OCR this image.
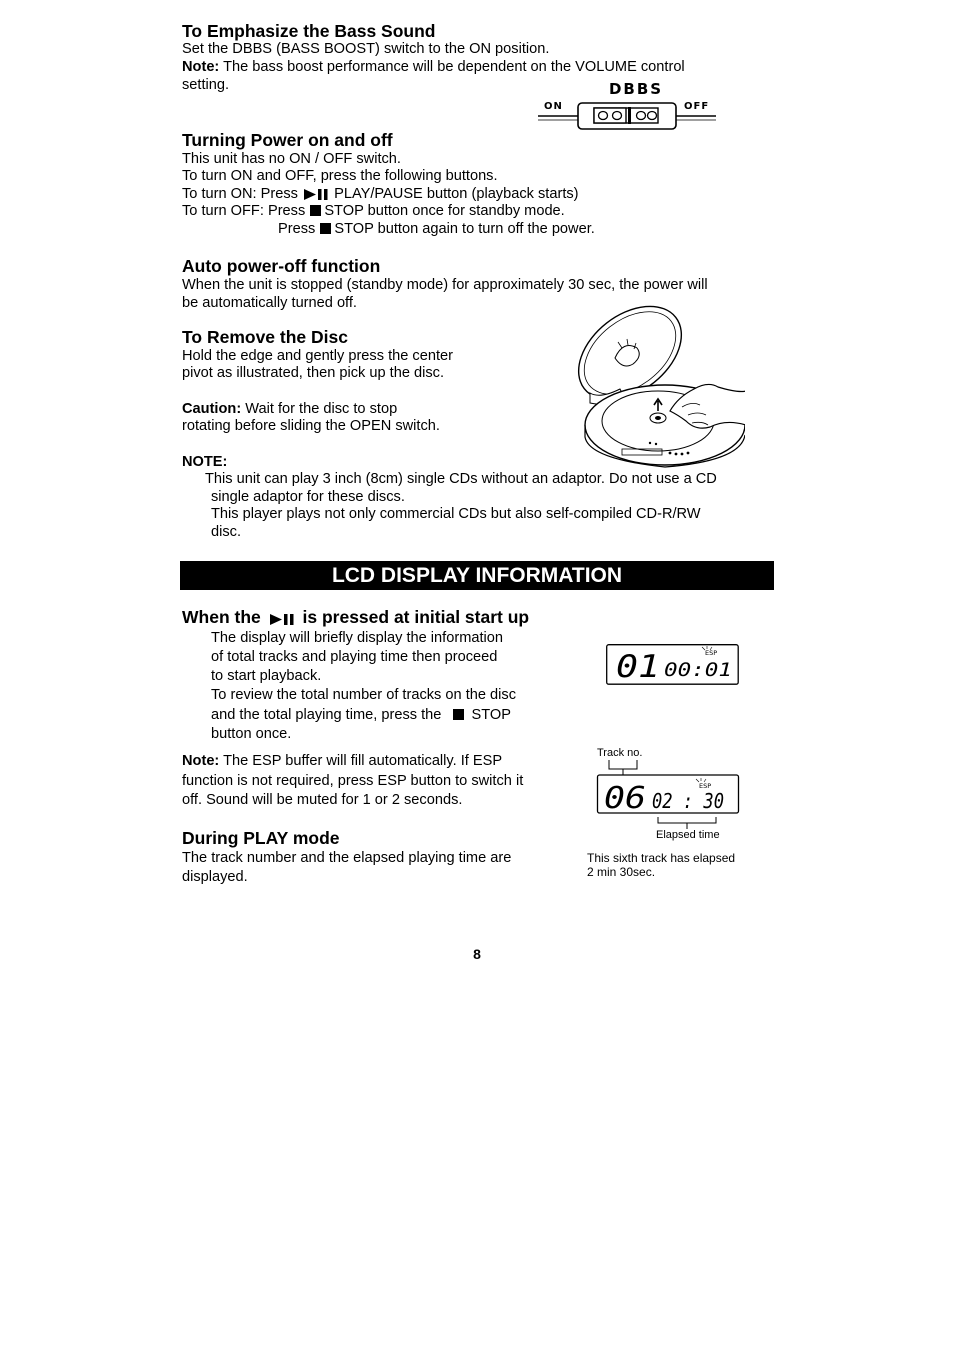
To Emphasize the Bass Sound
Set the DBBS (BASS BOOST) switch to the ON position.
Note: The bass boost performance will be dependent on the VOLUME control
setting.	DBBS
ON	OFF
Turning Power on and off
This unit has no ON / OFF switch.
To turn ON and OFF, press the following buttons.
To turn ON: Press PLAY/PAUSE button (playback starts)
To turn OFF: Press STOP button once for standby mode.
Press STOP button again to turn off the power.
Auto power-off function
When the unit is stopped (standby mode) for approximately 30 sec, the power will
be automatically turned off.
To Remove the Disc
Hold the edge and gently press the center
pivot as illustrated, then pick up the disc.
Caution: Wait for the disc to stop
rotating before sliding the OPEN switch.
NOTE:
This unit can play 3 inch (8cm) single CDs without an adaptor. Do not use a CD
single adaptor for these discs.
This player plays not only commercial CDs but also self-compiled CD-R/RW
disc.
LCD DISPLAY INFORMATION
When the is pressed at initial start up
The display will briefly display the information
of total tracks and playing time then proceed
to start playback.
To review the total number of tracks on the disc
and the total playing time, press the STOP
button once.
01 00:01
ESP
Note: The ESP buffer will fill automatically. If ESP
function is not required, press ESP button to switch it
off. Sound will be muted for 1 or 2 seconds.
Track no.
06 02 : 30
ESP
Elapsed time
This sixth track has elapsed
2 min 30sec.
During PLAY mode
The track number and the elapsed playing time are
displayed.
8
